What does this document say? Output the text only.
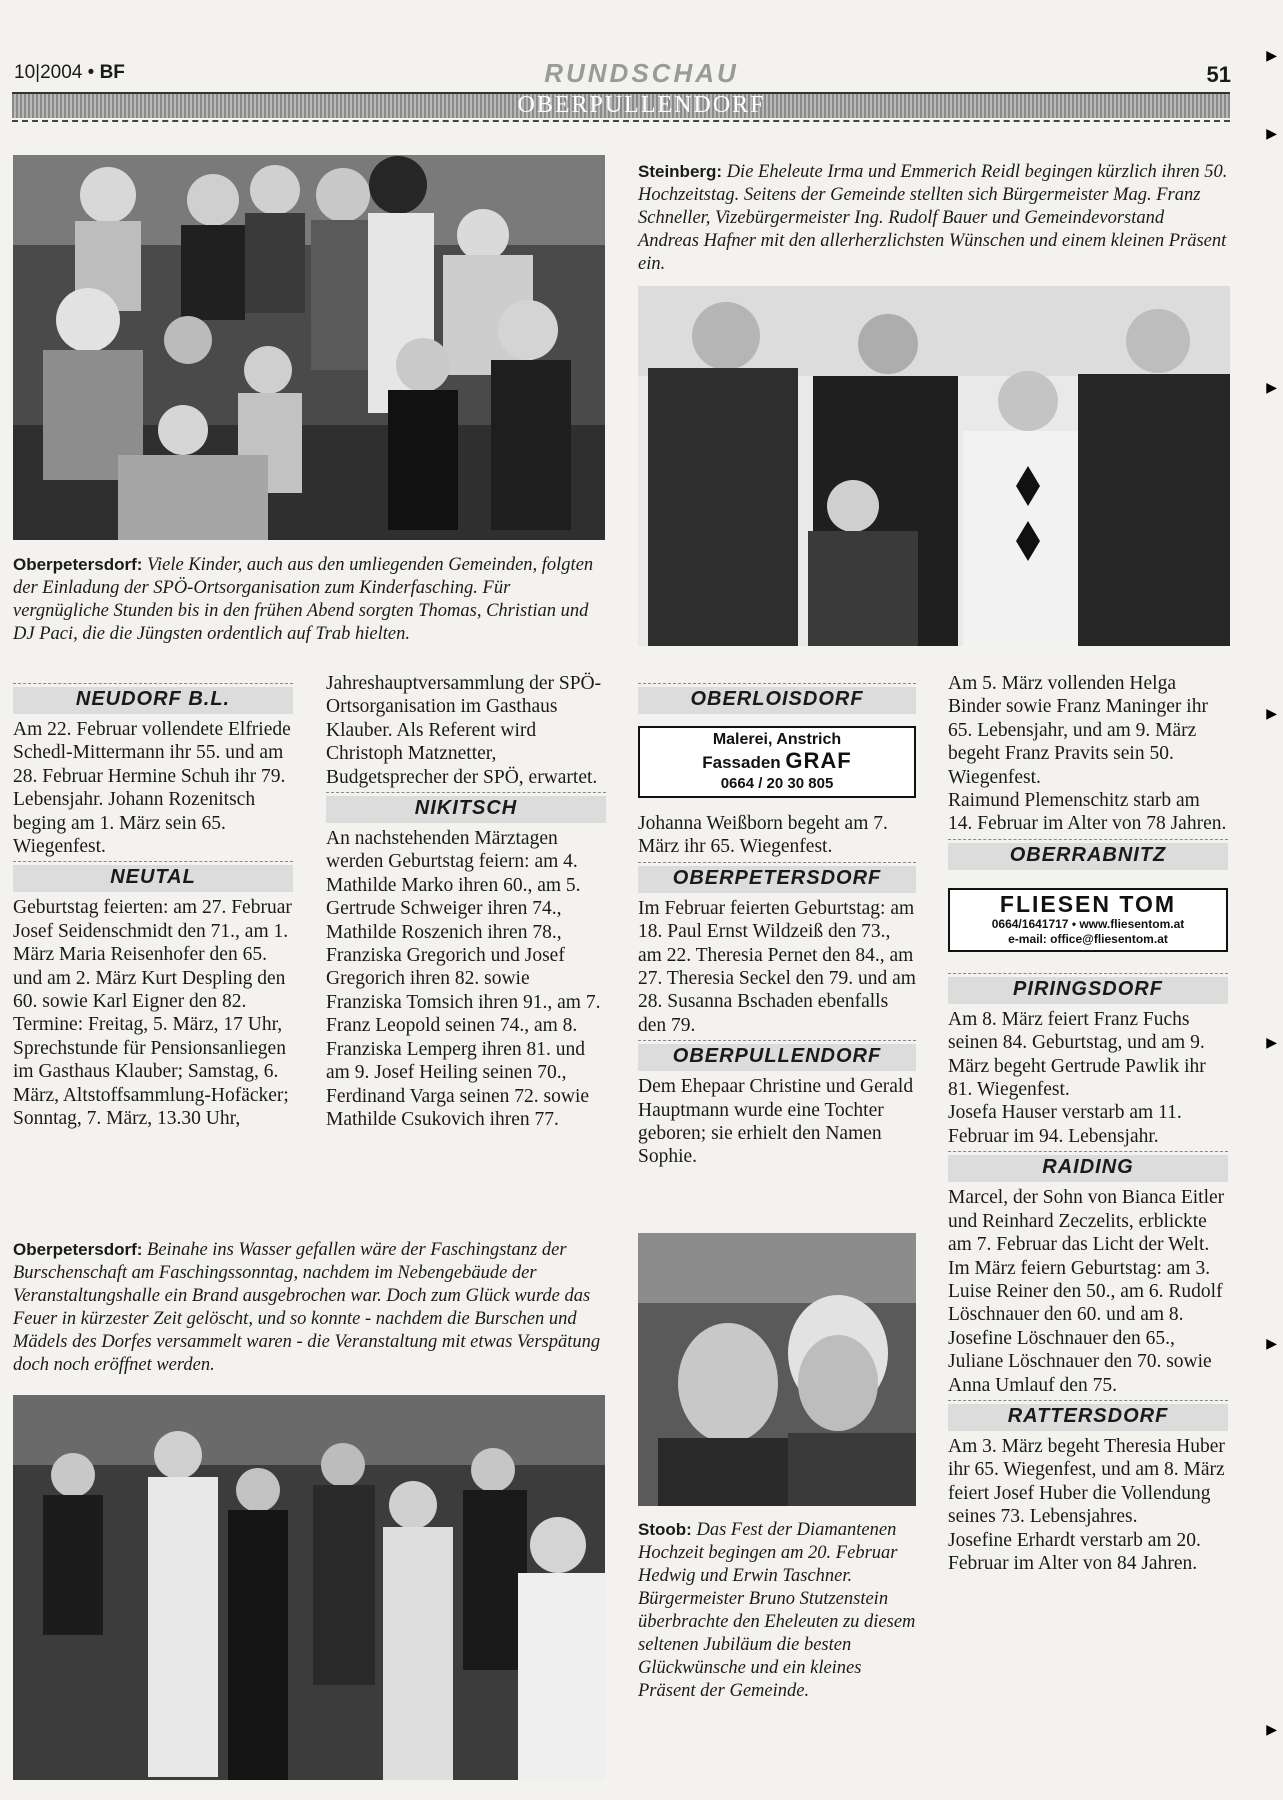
10|2004 • BF	RUNDSCHAU	51
OBERPULLENDORF
Oberpetersdorf: Viele Kinder, auch aus den umliegenden Gemeinden, folgten der Einladung der SPÖ-Ortsorganisation zum Kinderfasching. Für vergnügliche Stunden bis in den frühen Abend sorgten Thomas, Christian und DJ Paci, die die Jüngsten ordentlich auf Trab hielten.
Steinberg: Die Eheleute Irma und Emmerich Reidl begingen kürzlich ihren 50. Hochzeitstag. Seitens der Gemeinde stellten sich Bürgermeister Mag. Franz Schneller, Vizebürgermeister Ing. Rudolf Bauer und Gemeindevorstand Andreas Hafner mit den allerherzlichsten Wünschen und einem kleinen Präsent ein.
Oberpetersdorf: Beinahe ins Wasser gefallen wäre der Faschingstanz der Burschenschaft am Faschingssonntag, nachdem im Nebengebäude der Veranstaltungshalle ein Brand ausgebrochen war. Doch zum Glück wurde das Feuer in kürzester Zeit gelöscht, und so konnte - nachdem die Burschen und Mädels des Dorfes versammelt waren - die Veranstaltung mit etwas Verspätung doch noch eröffnet werden.
Stoob: Das Fest der Diamantenen Hochzeit begingen am 20. Februar Hedwig und Erwin Taschner. Bürgermeister Bruno Stutzenstein überbrachte den Eheleuten zu diesem seltenen Jubiläum die besten Glückwünsche und ein kleines Präsent der Gemeinde.
NEUDORF B.L.

Am 22. Februar vollendete Elfriede Schedl-Mittermann ihr 55. und am 28. Februar Hermine Schuh ihr 79. Lebensjahr. Johann Rozenitsch beging am 1. März sein 65. Wiegenfest.

NEUTAL

Geburtstag feierten: am 27. Februar Josef Seidenschmidt den 71., am 1. März Maria Reisenhofer den 65. und am 2. März Kurt Despling den 60. sowie Karl Eigner den 82.

Termine: Freitag, 5. März, 17 Uhr, Sprechstunde für Pensionsanliegen im Gasthaus Klauber; Samstag, 6. März, Altstoffsammlung-Hofäcker; Sonntag, 7. März, 13.30 Uhr,

Jahreshauptversammlung der SPÖ-Ortsorganisation im Gasthaus Klauber. Als Referent wird Christoph Matznetter, Budgetsprecher der SPÖ, erwartet.

NIKITSCH

An nachstehenden Märztagen werden Geburtstag feiern: am 4. Mathilde Marko ihren 60., am 5. Gertrude Schweiger ihren 74., Mathilde Roszenich ihren 78., Franziska Gregorich und Josef Gregorich ihren 82. sowie Franziska Tomsich ihren 91., am 7. Franz Leopold seinen 74., am 8. Franziska Lemperg ihren 81. und am 9. Josef Heiling seinen 70., Ferdinand Varga seinen 72. sowie Mathilde Csukovich ihren 77.

OBERLOISDORF
Malerei, Anstrich
Fassaden GRAF
0664 / 20 30 805

Johanna Weißborn begeht am 7. März ihr 65. Wiegenfest.

OBERPETERSDORF

Im Februar feierten Geburtstag: am 18. Paul Ernst Wildzeiß den 73., am 22. Theresia Pernet den 84., am 27. Theresia Seckel den 79. und am 28. Susanna Bschaden ebenfalls den 79.

OBERPULLENDORF

Dem Ehepaar Christine und Gerald Hauptmann wurde eine Tochter geboren; sie erhielt den Namen Sophie.

Am 5. März vollenden Helga Binder sowie Franz Maninger ihr 65. Lebensjahr, und am 9. März begeht Franz Pravits sein 50. Wiegenfest.

Raimund Plemenschitz starb am 14. Februar im Alter von 78 Jahren.

OBERRABNITZ
FLIESEN TOM
0664/1641717 • www.fliesentom.at
e-mail: office@fliesentom.at
PIRINGSDORF

Am 8. März feiert Franz Fuchs seinen 84. Geburtstag, und am 9. März begeht Gertrude Pawlik ihr 81. Wiegenfest.

Josefa Hauser verstarb am 11. Februar im 94. Lebensjahr.

RAIDING

Marcel, der Sohn von Bianca Eitler und Reinhard Zeczelits, erblickte am 7. Februar das Licht der Welt.

Im März feiern Geburtstag: am 3. Luise Reiner den 50., am 6. Rudolf Löschnauer den 60. und am 8. Josefine Löschnauer den 65., Juliane Löschnauer den 70. sowie Anna Umlauf den 75.

RATTERSDORF

Am 3. März begeht Theresia Huber ihr 65. Wiegenfest, und am 8. März feiert Josef Huber die Vollendung seines 73. Lebensjahres.

Josefine Erhardt verstarb am 20. Februar im Alter von 84 Jahren.

▶
▶
▶
▶
▶
▶
▶
